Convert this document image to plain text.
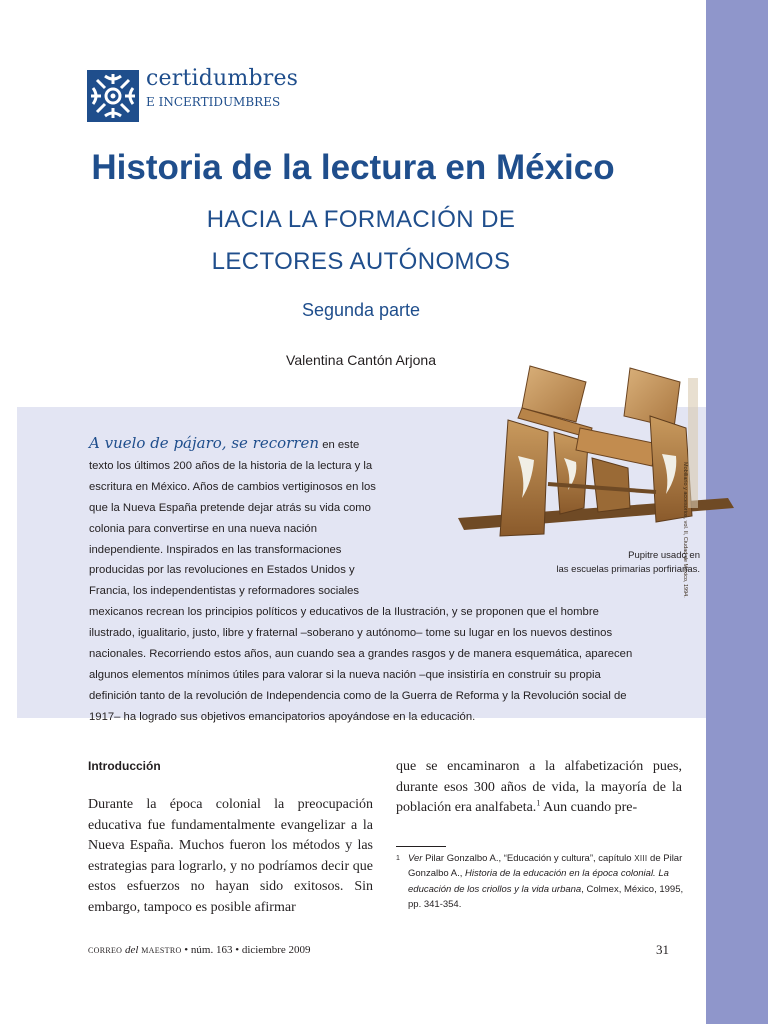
certidumbres
E INCERTIDUMBRES
Historia de la lectura en México
HACIA LA FORMACIÓN DE
LECTORES AUTÓNOMOS
Segunda parte
Valentina Cantón Arjona
A vuelo de pájaro, se recorren en este texto los últimos 200 años de la historia de la lectura y la escritura en México. Años de cambios vertiginosos en los que la Nueva España pretende dejar atrás su vida como colonia para convertirse en una nueva nación independiente. Inspirados en las transformaciones producidas por las revoluciones en Estados Unidos y Francia, los independentistas y reformadores sociales mexicanos recrean los principios políticos y educativos de la Ilustración, y se proponen que el hombre ilustrado, igualitario, justo, libre y fraternal –soberano y autónomo– tome su lugar en los nuevos destinos nacionales. Recorriendo estos años, aun cuando sea a grandes rasgos y de manera esquemática, aparecen algunos elementos mínimos útiles para valorar si la nueva nación –que insistiría en construir su propia definición tanto de la revolución de Independencia como de la Guerra de Reforma y la Revolución social de 1917– ha logrado sus objetivos emancipatorios apoyándose en la educación.
Mobiliario y accesorios, vol. II, Ciudad de México, 1994.
Pupitre usado en
las escuelas primarias porfirianas.
Introducción

Durante la época colonial la preocupación educativa fue fundamentalmente evangelizar a la Nueva España. Muchos fueron los métodos y las estrategias para lograrlo, y no podríamos decir que estos esfuerzos no hayan sido exitosos. Sin embargo, tampoco es posible afirmar

que se encaminaron a la alfabetización pues, durante esos 300 años de vida, la mayoría de la población era analfabeta.$^1$ Aun cuando pre-

1 Ver Pilar Gonzalbo A., “Educación y cultura”, capítulo XIII de Pilar Gonzalbo A., Historia de la educación en la época colonial. La educación de los criollos y la vida urbana, Colmex, México, 1995, pp. 341-354.
CORREO del MAESTRO • núm. 163 • diciembre 2009	31
